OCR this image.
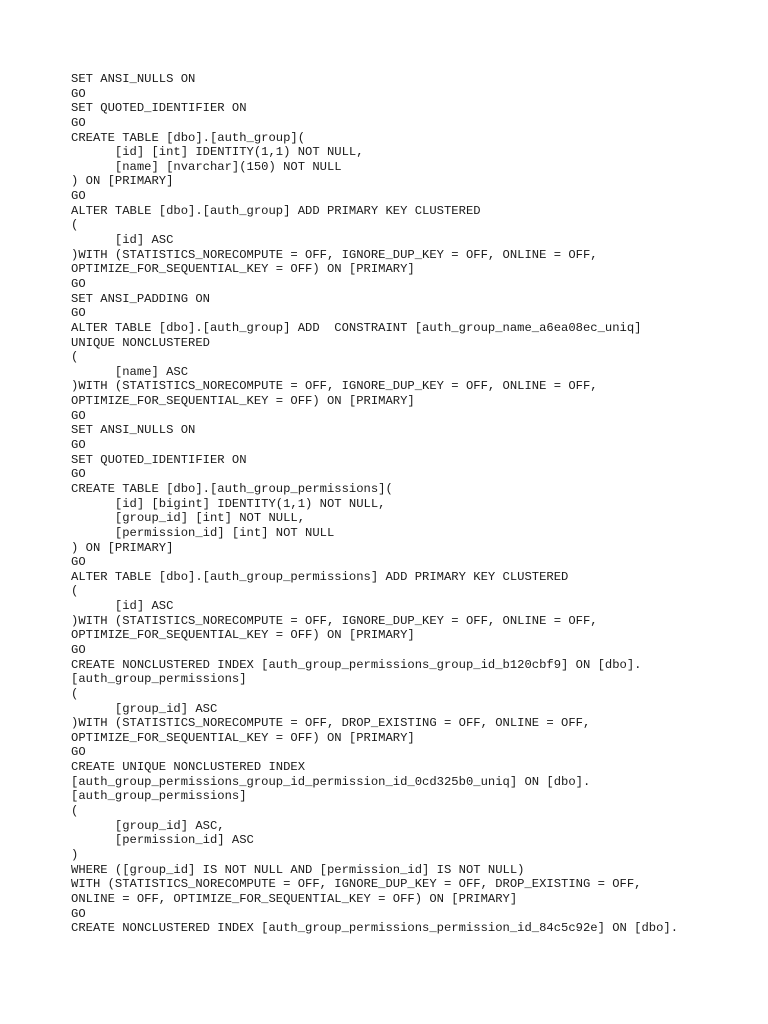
SET ANSI_NULLS ON
GO
SET QUOTED_IDENTIFIER ON
GO
CREATE TABLE [dbo].[auth_group](
[id] [int] IDENTITY(1,1) NOT NULL,
[name] [nvarchar](150) NOT NULL
) ON [PRIMARY]
GO
ALTER TABLE [dbo].[auth_group] ADD PRIMARY KEY CLUSTERED
(
[id] ASC
)WITH (STATISTICS_NORECOMPUTE = OFF, IGNORE_DUP_KEY = OFF, ONLINE = OFF,
OPTIMIZE_FOR_SEQUENTIAL_KEY = OFF) ON [PRIMARY]
GO
SET ANSI_PADDING ON
GO
ALTER TABLE [dbo].[auth_group] ADD  CONSTRAINT [auth_group_name_a6ea08ec_uniq]
UNIQUE NONCLUSTERED
(
[name] ASC
)WITH (STATISTICS_NORECOMPUTE = OFF, IGNORE_DUP_KEY = OFF, ONLINE = OFF,
OPTIMIZE_FOR_SEQUENTIAL_KEY = OFF) ON [PRIMARY]
GO
SET ANSI_NULLS ON
GO
SET QUOTED_IDENTIFIER ON
GO
CREATE TABLE [dbo].[auth_group_permissions](
[id] [bigint] IDENTITY(1,1) NOT NULL,
[group_id] [int] NOT NULL,
[permission_id] [int] NOT NULL
) ON [PRIMARY]
GO
ALTER TABLE [dbo].[auth_group_permissions] ADD PRIMARY KEY CLUSTERED
(
[id] ASC
)WITH (STATISTICS_NORECOMPUTE = OFF, IGNORE_DUP_KEY = OFF, ONLINE = OFF,
OPTIMIZE_FOR_SEQUENTIAL_KEY = OFF) ON [PRIMARY]
GO
CREATE NONCLUSTERED INDEX [auth_group_permissions_group_id_b120cbf9] ON [dbo].
[auth_group_permissions]
(
[group_id] ASC
)WITH (STATISTICS_NORECOMPUTE = OFF, DROP_EXISTING = OFF, ONLINE = OFF,
OPTIMIZE_FOR_SEQUENTIAL_KEY = OFF) ON [PRIMARY]
GO
CREATE UNIQUE NONCLUSTERED INDEX
[auth_group_permissions_group_id_permission_id_0cd325b0_uniq] ON [dbo].
[auth_group_permissions]
(
[group_id] ASC,
[permission_id] ASC
)
WHERE ([group_id] IS NOT NULL AND [permission_id] IS NOT NULL)
WITH (STATISTICS_NORECOMPUTE = OFF, IGNORE_DUP_KEY = OFF, DROP_EXISTING = OFF,
ONLINE = OFF, OPTIMIZE_FOR_SEQUENTIAL_KEY = OFF) ON [PRIMARY]
GO
CREATE NONCLUSTERED INDEX [auth_group_permissions_permission_id_84c5c92e] ON [dbo].
